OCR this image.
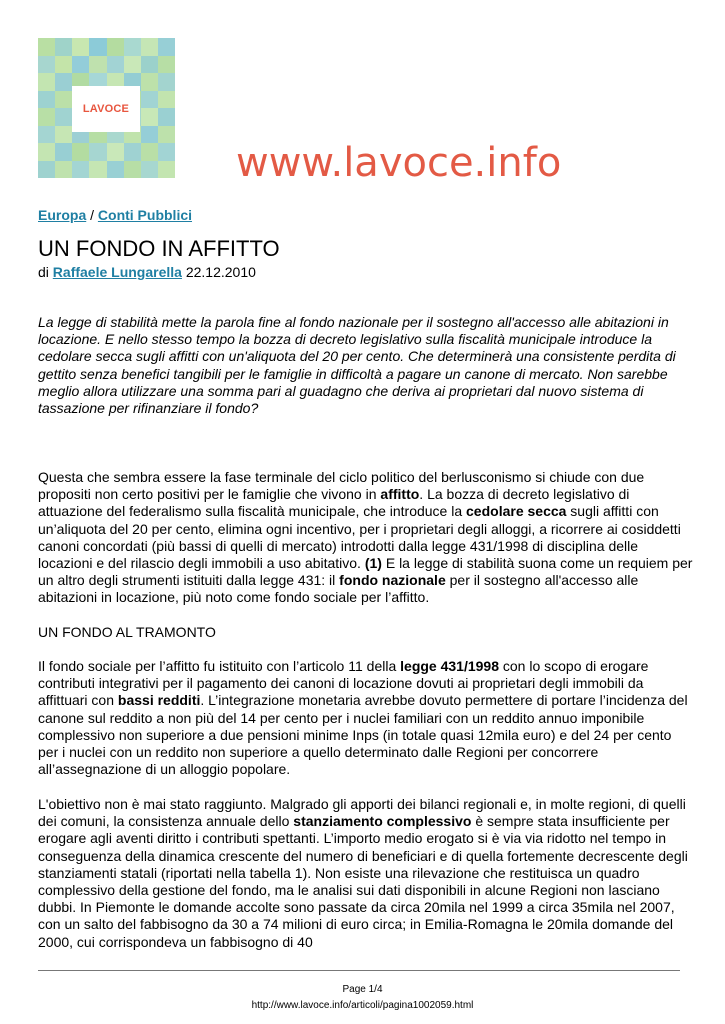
LAVOCE
www.lavoce.info
Europa / Conti Pubblici
UN FONDO IN AFFITTO
di Raffaele Lungarella 22.12.2010

La legge di stabilità mette la parola fine al fondo nazionale per il sostegno all'accesso alle abitazioni in locazione. E nello stesso tempo la bozza di decreto legislativo sulla fiscalità municipale introduce la cedolare secca sugli affitti con un'aliquota del 20 per cento. Che determinerà una consistente perdita di gettito senza benefici tangibili per le famiglie in difficoltà a pagare un canone di mercato. Non sarebbe meglio allora utilizzare una somma pari al guadagno che deriva ai proprietari dal nuovo sistema di tassazione per rifinanziare il fondo?

Questa che sembra essere la fase terminale del ciclo politico del berlusconismo si chiude con due propositi non certo positivi per le famiglie che vivono in affitto. La bozza di decreto legislativo di attuazione del federalismo sulla fiscalità municipale, che introduce la cedolare secca sugli affitti con un’aliquota del 20 per cento, elimina ogni incentivo, per i proprietari degli alloggi, a ricorrere ai cosiddetti canoni concordati (più bassi di quelli di mercato) introdotti dalla legge 431/1998 di disciplina delle locazioni e del rilascio degli immobili a uso abitativo. (1) E la legge di stabilità suona come un requiem per un altro degli strumenti istituiti dalla legge 431: il fondo nazionale per il sostegno all'accesso alle abitazioni in locazione, più noto come fondo sociale per l’affitto.

UN FONDO AL TRAMONTO

Il fondo sociale per l’affitto fu istituito con l’articolo 11 della legge 431/1998 con lo scopo di erogare contributi integrativi per il pagamento dei canoni di locazione dovuti ai proprietari degli immobili da affittuari con bassi redditi. L’integrazione monetaria avrebbe dovuto permettere di portare l’incidenza del canone sul reddito a non più del 14 per cento per i nuclei familiari con un reddito annuo imponibile complessivo non superiore a due pensioni minime Inps (in totale quasi 12mila euro) e del 24 per cento per i nuclei con un reddito non superiore a quello determinato dalle Regioni per concorrere all’assegnazione di un alloggio popolare.

L'obiettivo non è mai stato raggiunto. Malgrado gli apporti dei bilanci regionali e, in molte regioni, di quelli dei comuni, la consistenza annuale dello stanziamento complessivo è sempre stata insufficiente per erogare agli aventi diritto i contributi spettanti. L’importo medio erogato si è via via ridotto nel tempo in conseguenza della dinamica crescente del numero di beneficiari e di quella fortemente decrescente degli stanziamenti statali (riportati nella tabella 1). Non esiste una rilevazione che restituisca un quadro complessivo della gestione del fondo, ma le analisi sui dati disponibili in alcune Regioni non lasciano dubbi. In Piemonte le domande accolte sono passate da circa 20mila nel 1999 a circa 35mila nel 2007, con un salto del fabbisogno da 30 a 74 milioni di euro circa; in Emilia-Romagna le 20mila domande del 2000, cui corrispondeva un fabbisogno di 40

Page 1/4
http://www.lavoce.info/articoli/pagina1002059.html
